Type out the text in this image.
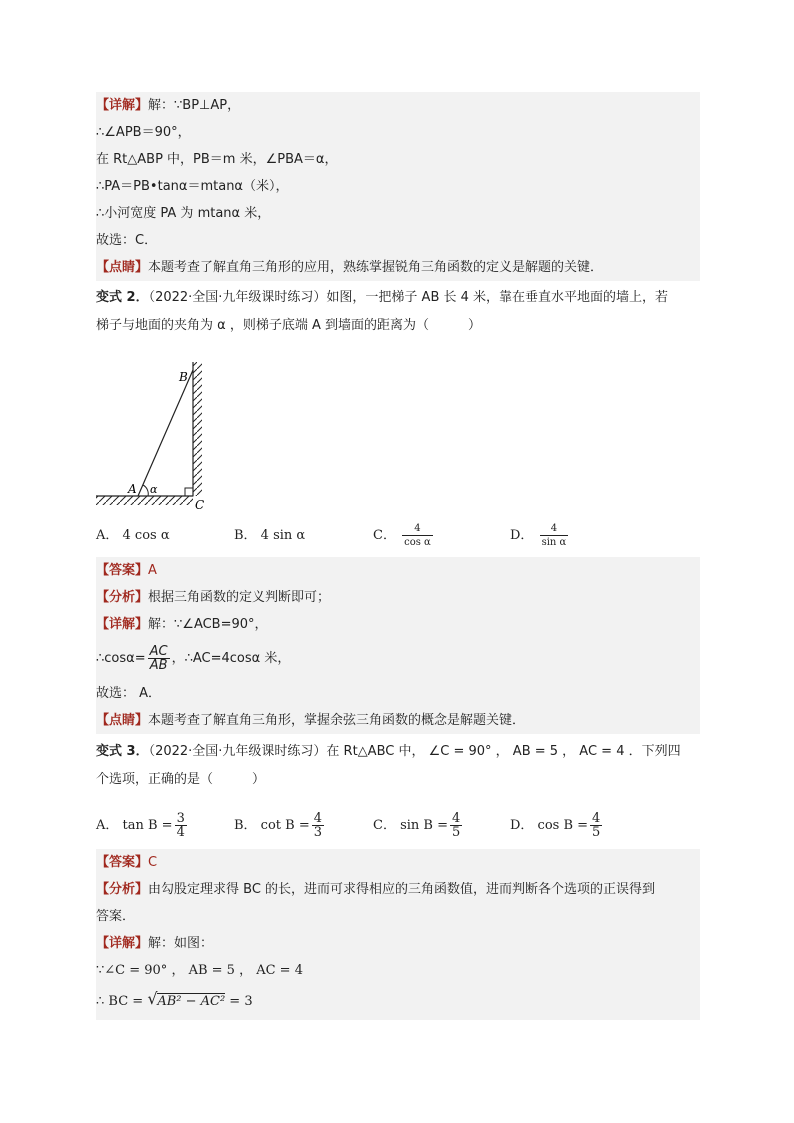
【详解】解：∵BP⊥AP，
∴∠APB＝90°，
在 Rt△ABP 中，PB＝m 米，∠PBA＝α，
∴PA＝PB•tanα＝mtanα（米），
∴小河宽度 PA 为 mtanα 米，
故选：C．
【点睛】本题考查了解直角三角形的应用，熟练掌握锐角三角函数的定义是解题的关键．
变式 2．（2022·全国·九年级课时练习）如图，一把梯子 AB 长 4 米，靠在垂直水平地面的墙上，若
梯子与地面的夹角为 α ，则梯子底端 A 到墙面的距离为（　　　）
B
A α
C
A． 4 cos α	B． 4 sin α	C． $\frac{4}{\text{cos α}}$	D． $\frac{4}{\text{sin α}}$
【答案】A
【分析】根据三角函数的定义判断即可；
【详解】解：∵∠ACB=90°，
∴cosα= $\frac{AC}{AB}$ ，∴AC=4cosα 米，
故选： A．
【点睛】本题考查了解直角三角形，掌握余弦三角函数的概念是解题关键．
变式 3．（2022·全国·九年级课时练习）在 Rt△ABC 中， ∠C = 90° ， AB = 5 ， AC = 4 ．下列四
个选项，正确的是（　　　）
A． $\tan B = \frac{3}{4}$	B． $\cot B = \frac{4}{3}$	C． $\sin B = \frac{4}{5}$	D． $\cos B = \frac{4}{5}$
【答案】C
【分析】由勾股定理求得 BC 的长，进而可求得相应的三角函数值，进而判断各个选项的正误得到
答案．
【详解】解：如图：
∵∠C = 90° ， AB = 5 ， AC = 4
∴ BC = √ AB² − AC² = 3
